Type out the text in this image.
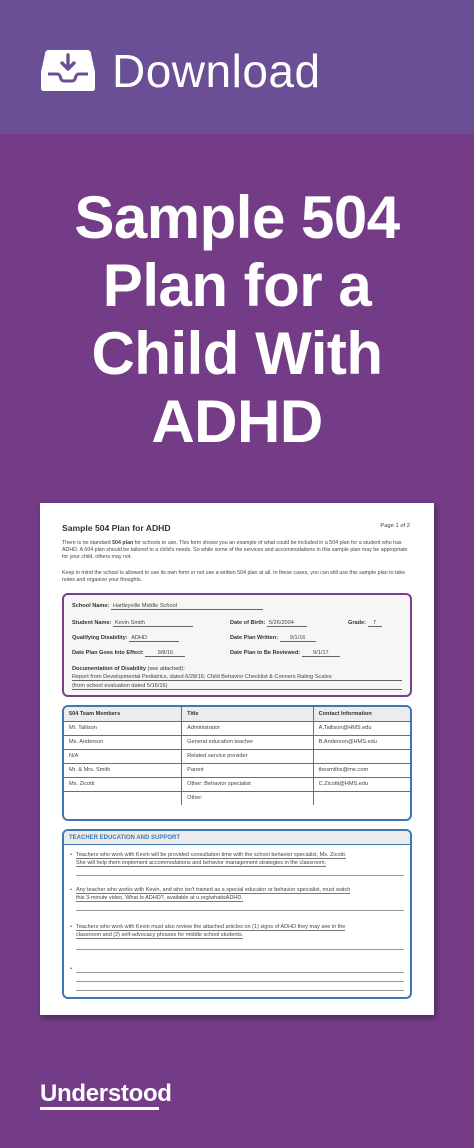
Download
Sample 504
Plan for a
Child With
ADHD
Sample 504 Plan for ADHD	Page 1 of 2
There is no standard 504 plan for schools to use. This form shows you an example of what could be included in a 504 plan for a student who has ADHD. A 504 plan should be tailored to a child's needs. So while some of the services and accommodations in this sample plan may be appropriate for your child, others may not.
Keep in mind the school is allowed to use its own form or not use a written 504 plan at all. In these cases, you can still use this sample plan to take notes and organize your thoughts.
School Name: Hartleyville Middle School
Student Name: Kevin Smith	Date of Birth: 5/26/2004	Grade: 7
Qualifying Disability: ADHD	Date Plan Written: 9/1/16
Date Plan Goes Into Effect: 9/8/16	Date Plan to Be Reviewed: 9/1/17
Documentation of Disability (see attached):
Report from Developmental Pediatrics, dated 6/28/16; Child Behavior Checklist & Conners Rating Scales
(from school evaluation dated 5/16/16)
504 Team Members	Title	Contact Information
Mr. Tallison	Administrator	A.Tallison@HMS.edu
Ms. Anderson	General education teacher	B.Anderson@HMS.edu
N/A	Related service provider	
Mr. & Mrs. Smith	Parent	thesmiths@me.com
Ms. Zicotti	Other: Behavior specialist	C.Zicotti@HMS.edu
	Other:	
TEACHER EDUCATION AND SUPPORT
• Teachers who work with Kevin will be provided consultation time with the school behavior specialist, Ms. Zicotti.
She will help them implement accommodations and behavior management strategies in the classroom.
• Any teacher who works with Kevin, and who isn't trained as a special educator or behavior specialist, must watch
this 3-minute video, What Is ADHD?, available at u.org/whatisADHD.
• Teachers who work with Kevin must also review the attached articles on (1) signs of ADHD they may see in the
classroom and (2) self-advocacy phrases for middle school students.
•
Understood
